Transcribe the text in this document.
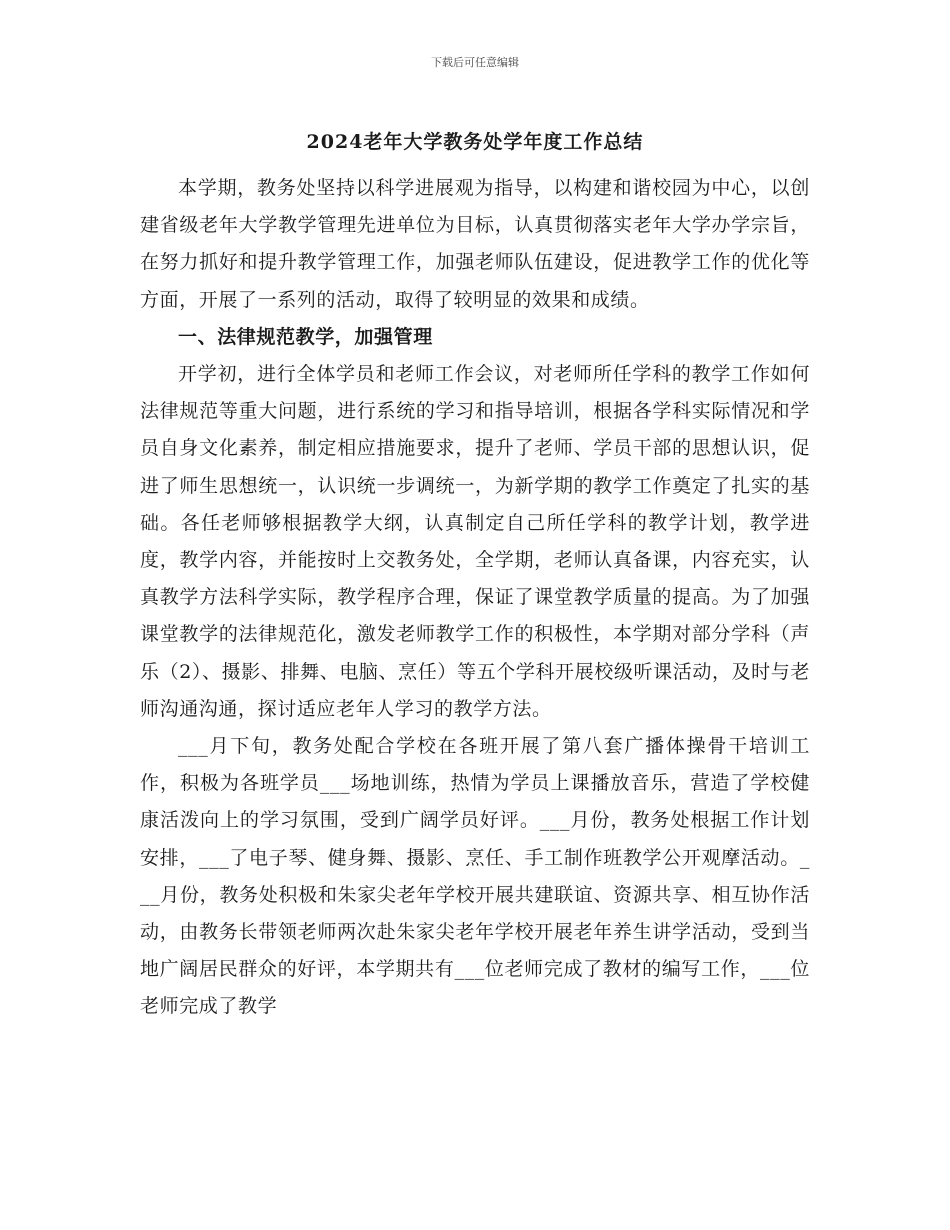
下载后可任意编辑
2024老年大学教务处学年度工作总结

本学期，教务处坚持以科学进展观为指导，以构建和谐校园为中心，以创建省级老年大学教学管理先进单位为目标，认真贯彻落实老年大学办学宗旨，在努力抓好和提升教学管理工作，加强老师队伍建设，促进教学工作的优化等方面，开展了一系列的活动，取得了较明显的效果和成绩。

一、法律规范教学，加强管理

开学初，进行全体学员和老师工作会议，对老师所任学科的教学工作如何法律规范等重大问题，进行系统的学习和指导培训，根据各学科实际情况和学员自身文化素养，制定相应措施要求，提升了老师、学员干部的思想认识，促进了师生思想统一，认识统一步调统一，为新学期的教学工作奠定了扎实的基础。各任老师够根据教学大纲，认真制定自己所任学科的教学计划，教学进度，教学内容，并能按时上交教务处，全学期，老师认真备课，内容充实，认真教学方法科学实际，教学程序合理，保证了课堂教学质量的提高。为了加强课堂教学的法律规范化，激发老师教学工作的积极性，本学期对部分学科（声乐（2）、摄影、排舞、电脑、烹任）等五个学科开展校级听课活动，及时与老师沟通沟通，探讨适应老年人学习的教学方法。

___月下旬，教务处配合学校在各班开展了第八套广播体操骨干培训工作，积极为各班学员___场地训练，热情为学员上课播放音乐，营造了学校健康活泼向上的学习氛围，受到广阔学员好评。___月份，教务处根据工作计划安排，___了电子琴、健身舞、摄影、烹任、手工制作班教学公开观摩活动。___月份，教务处积极和朱家尖老年学校开展共建联谊、资源共享、相互协作活动，由教务长带领老师两次赴朱家尖老年学校开展老年养生讲学活动，受到当地广阔居民群众的好评，本学期共有___位老师完成了教材的编写工作，___位老师完成了教学
